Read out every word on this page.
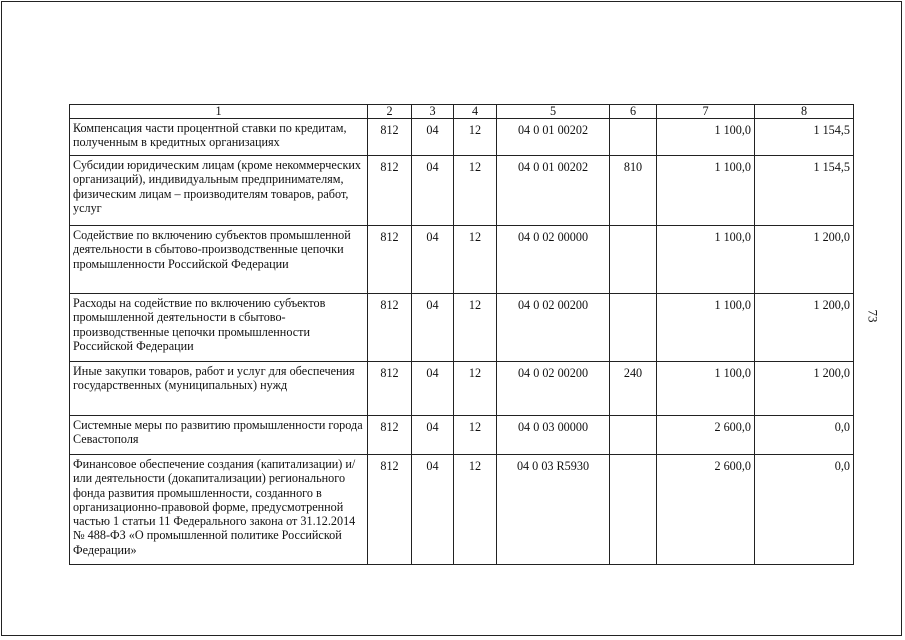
1	2	3	4	5	6	7	8
Компенсация части процентной ставки по кредитам, полученным в кредитных организациях	812	04	12	04 0 01 00202		1 100,0	1 154,5
Субсидии юридическим лицам (кроме некоммерческих организаций), индивидуальным предпринимателям, физическим лицам – производителям товаров, работ, услуг	812	04	12	04 0 01 00202	810	1 100,0	1 154,5
Содействие по включению субъектов промышленной деятельности в сбытово-производственные цепочки промышленности Российской Федерации	812	04	12	04 0 02 00000		1 100,0	1 200,0
Расходы на содействие по включению субъектов промышленной деятельности в сбытово-производственные цепочки промышленности Российской Федерации	812	04	12	04 0 02 00200		1 100,0	1 200,0
Иные закупки товаров, работ и услуг для обеспечения государственных (муниципальных) нужд	812	04	12	04 0 02 00200	240	1 100,0	1 200,0
Системные меры по развитию промышленности города Севастополя	812	04	12	04 0 03 00000		2 600,0	0,0
Финансовое обеспечение создания (капитализации) и/или деятельности (докапитализации) регионального фонда развития промышленности, созданного в организационно-правовой форме, предусмотренной частью 1 статьи 11 Федерального закона от 31.12.2014 № 488-ФЗ «О промышленной политике Российской Федерации»	812	04	12	04 0 03 R5930		2 600,0	0,0
73
